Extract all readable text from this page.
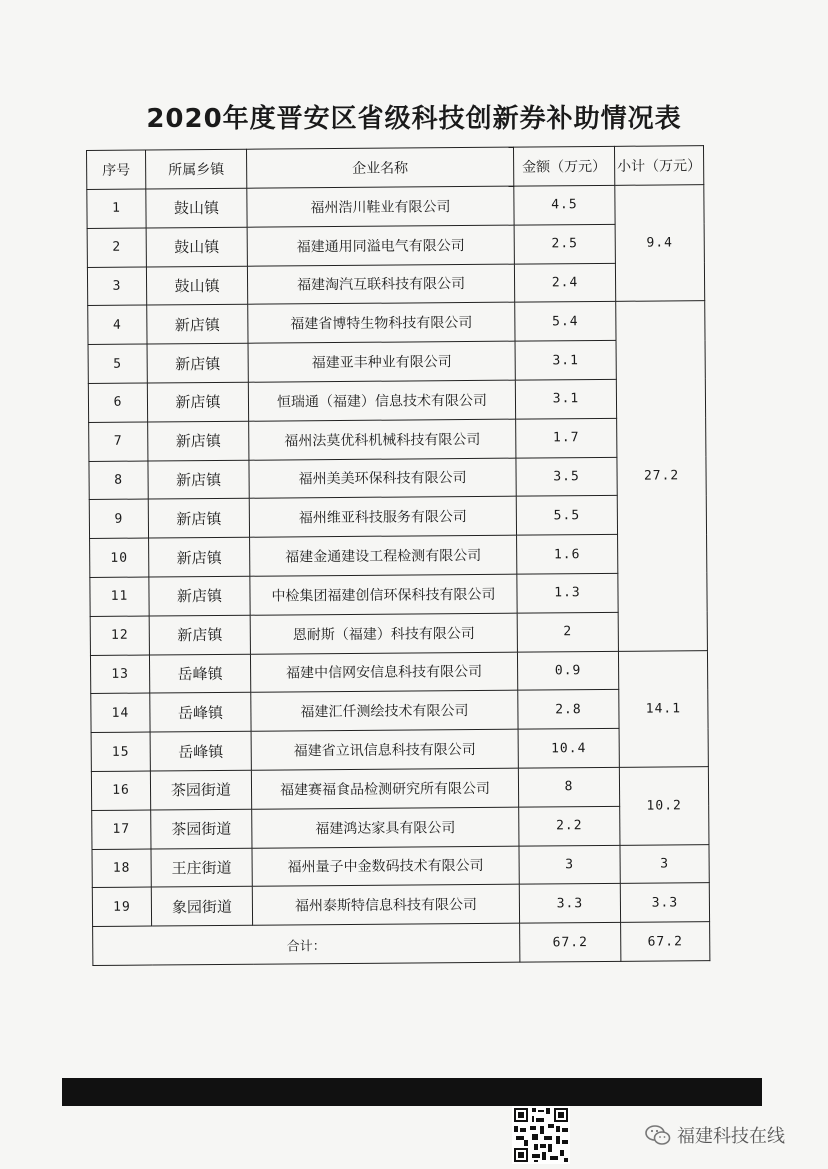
2020年度晋安区省级科技创新券补助情况表
序号	所属乡镇	企业名称	金额（万元）	小计（万元）
1	鼓山镇	福州浩川鞋业有限公司	4.5	9.4
2	鼓山镇	福建通用同溢电气有限公司	2.5	
3	鼓山镇	福建淘汽互联科技有限公司	2.4	
4	新店镇	福建省博特生物科技有限公司	5.4	27.2
5	新店镇	福建亚丰种业有限公司	3.1	
6	新店镇	恒瑞通（福建）信息技术有限公司	3.1	
7	新店镇	福州法莫优科机械科技有限公司	1.7	
8	新店镇	福州美美环保科技有限公司	3.5	
9	新店镇	福州维亚科技服务有限公司	5.5	
10	新店镇	福建金通建设工程检测有限公司	1.6	
11	新店镇	中检集团福建创信环保科技有限公司	1.3	
12	新店镇	恩耐斯（福建）科技有限公司	2	
13	岳峰镇	福建中信网安信息科技有限公司	0.9	14.1
14	岳峰镇	福建汇仟测绘技术有限公司	2.8	
15	岳峰镇	福建省立讯信息科技有限公司	10.4	
16	茶园街道	福建赛福食品检测研究所有限公司	8	10.2
17	茶园街道	福建鸿达家具有限公司	2.2	
18	王庄街道	福州量子中金数码技术有限公司	3	3
19	象园街道	福州泰斯特信息科技有限公司	3.3	3.3
合计：			67.2	67.2
福建科技在线
